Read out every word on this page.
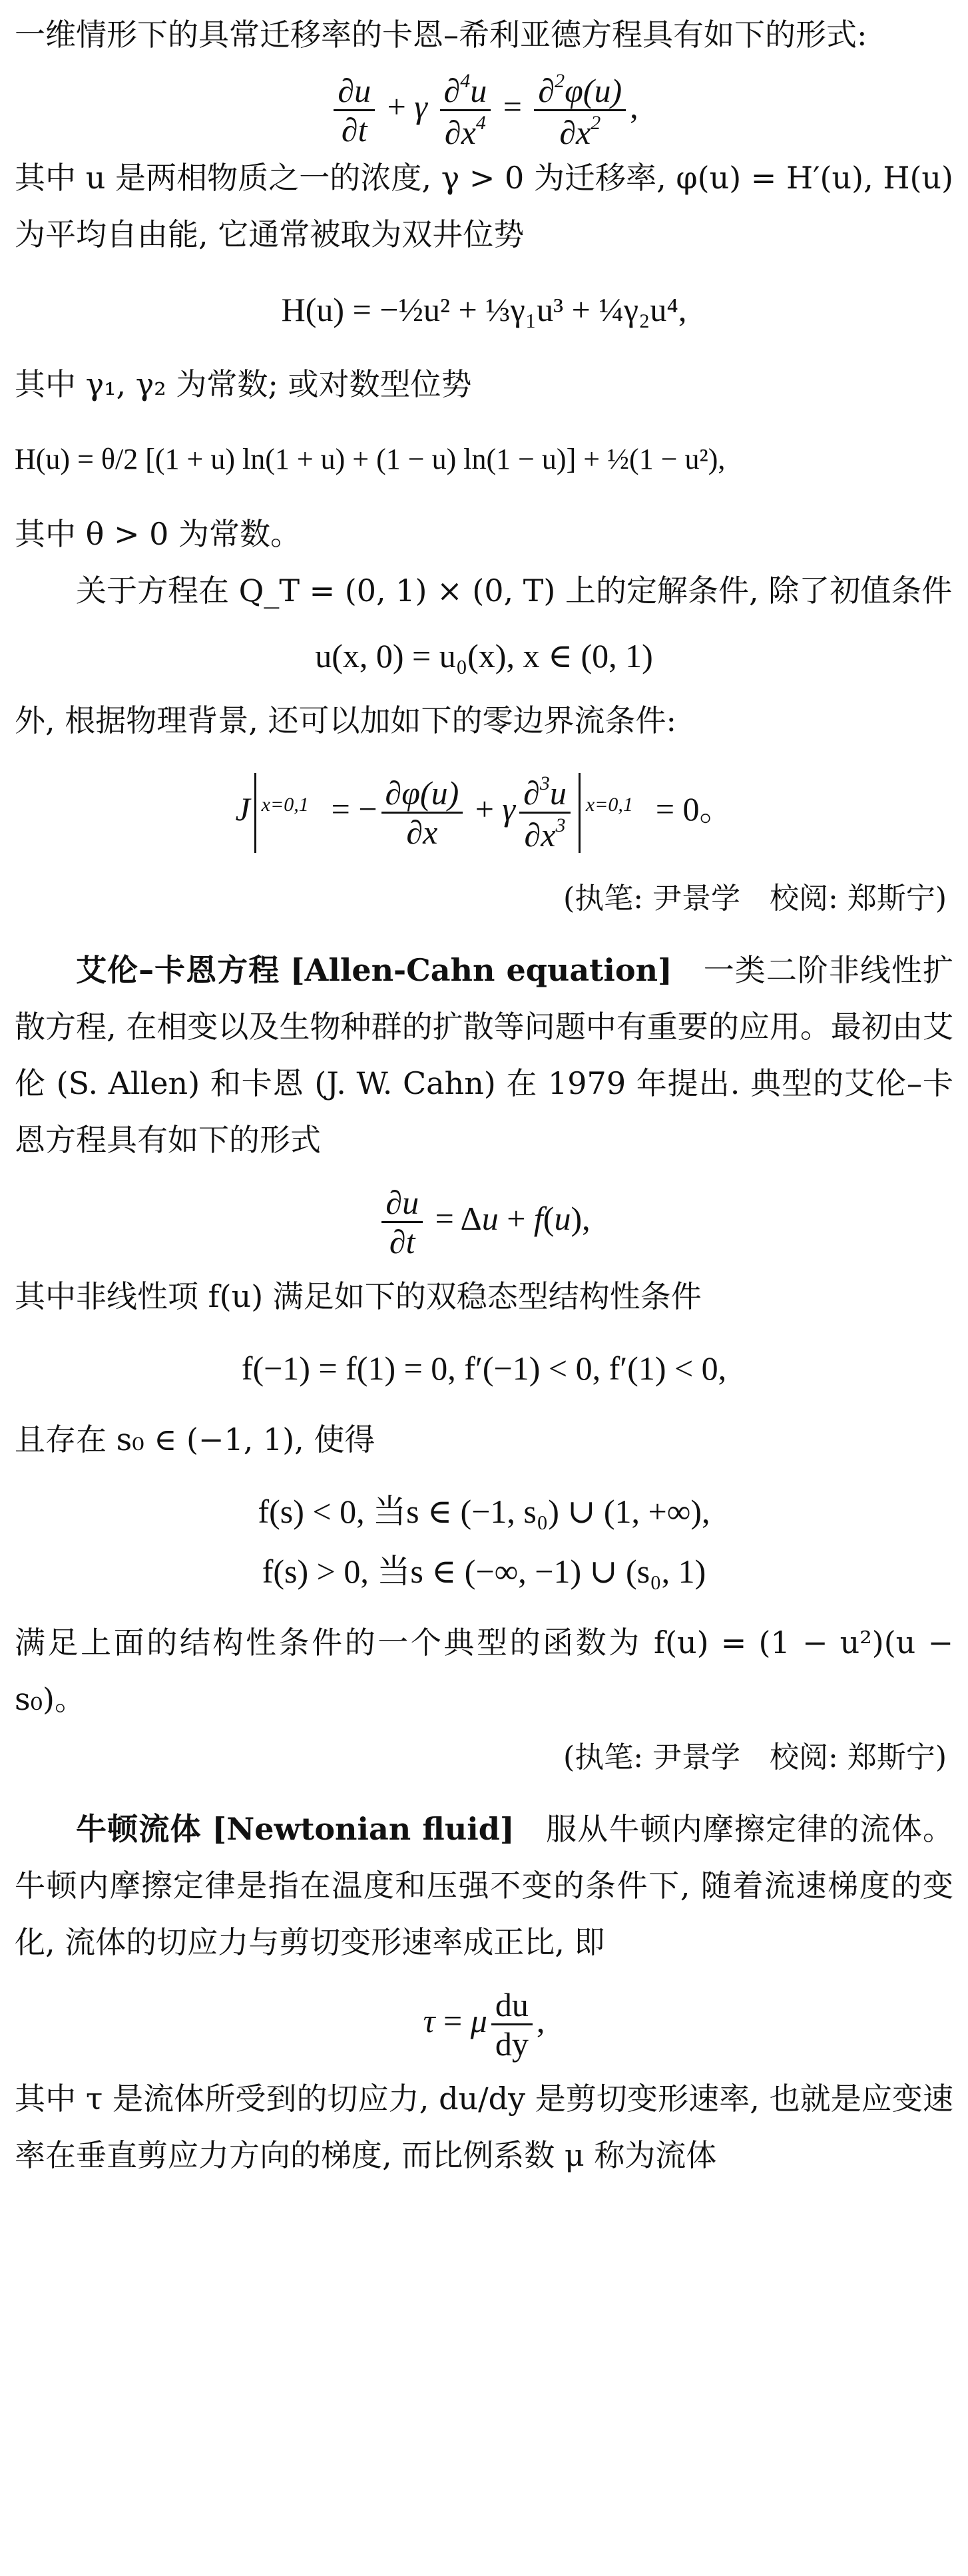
一维情形下的具常迁移率的卡恩–希利亚德方程具有如下的形式:

$\frac{\partial u}{\partial t} + \gamma \frac{\partial^4u}{\partial x^4} = \frac{\partial^2\varphi(u)}{\partial x^2}$ ,

其中 u 是两相物质之一的浓度, γ > 0 为迁移率, φ(u) = H′(u), H(u) 为平均自由能, 它通常被取为双井位势

H(u) = −½u² + ⅓γ₁u³ + ¼γ₂u⁴,

其中 γ₁, γ₂ 为常数; 或对数型位势

H(u) = θ/2 [(1 + u) ln(1 + u) + (1 − u) ln(1 − u)] + ½(1 − u²),

其中 θ > 0 为常数。

关于方程在 Q_T = (0, 1) × (0, T) 上的定解条件, 除了初值条件

u(x, 0) = u₀(x), x ∈ (0, 1)

外, 根据物理背景, 还可以加如下的零边界流条件:

J x=0,1 = − $\frac{\partial\varphi(u)}{\partial x} + \gamma \frac{\partial^3u}{\partial x^3} x=0,1 = 0$。

(执笔: 尹景学　校阅: 郑斯宁)

艾伦–卡恩方程 [Allen-Cahn equation] 一类二阶非线性扩散方程, 在相变以及生物种群的扩散等问题中有重要的应用。最初由艾伦 (S. Allen) 和卡恩 (J. W. Cahn) 在 1979 年提出. 典型的艾伦–卡恩方程具有如下的形式

$\frac{\partial u}{\partial t} = \Delta u + f(u)$,

其中非线性项 f(u) 满足如下的双稳态型结构性条件

f(−1) = f(1) = 0, f′(−1) < 0, f′(1) < 0,

且存在 s₀ ∈ (−1, 1), 使得

f(s) < 0, 当s ∈ (−1, s₀) ∪ (1, +∞),

f(s) > 0, 当s ∈ (−∞, −1) ∪ (s₀, 1)

满足上面的结构性条件的一个典型的函数为 f(u) = (1 − u²)(u − s₀)。

(执笔: 尹景学　校阅: 郑斯宁)

牛顿流体 [Newtonian fluid] 服从牛顿内摩擦定律的流体。牛顿内摩擦定律是指在温度和压强不变的条件下, 随着流速梯度的变化, 流体的切应力与剪切变形速率成正比, 即

τ = μ $\frac{du}{dy}$ ,

其中 τ 是流体所受到的切应力, du/dy 是剪切变形速率, 也就是应变速率在垂直剪应力方向的梯度, 而比例系数 μ 称为流体
